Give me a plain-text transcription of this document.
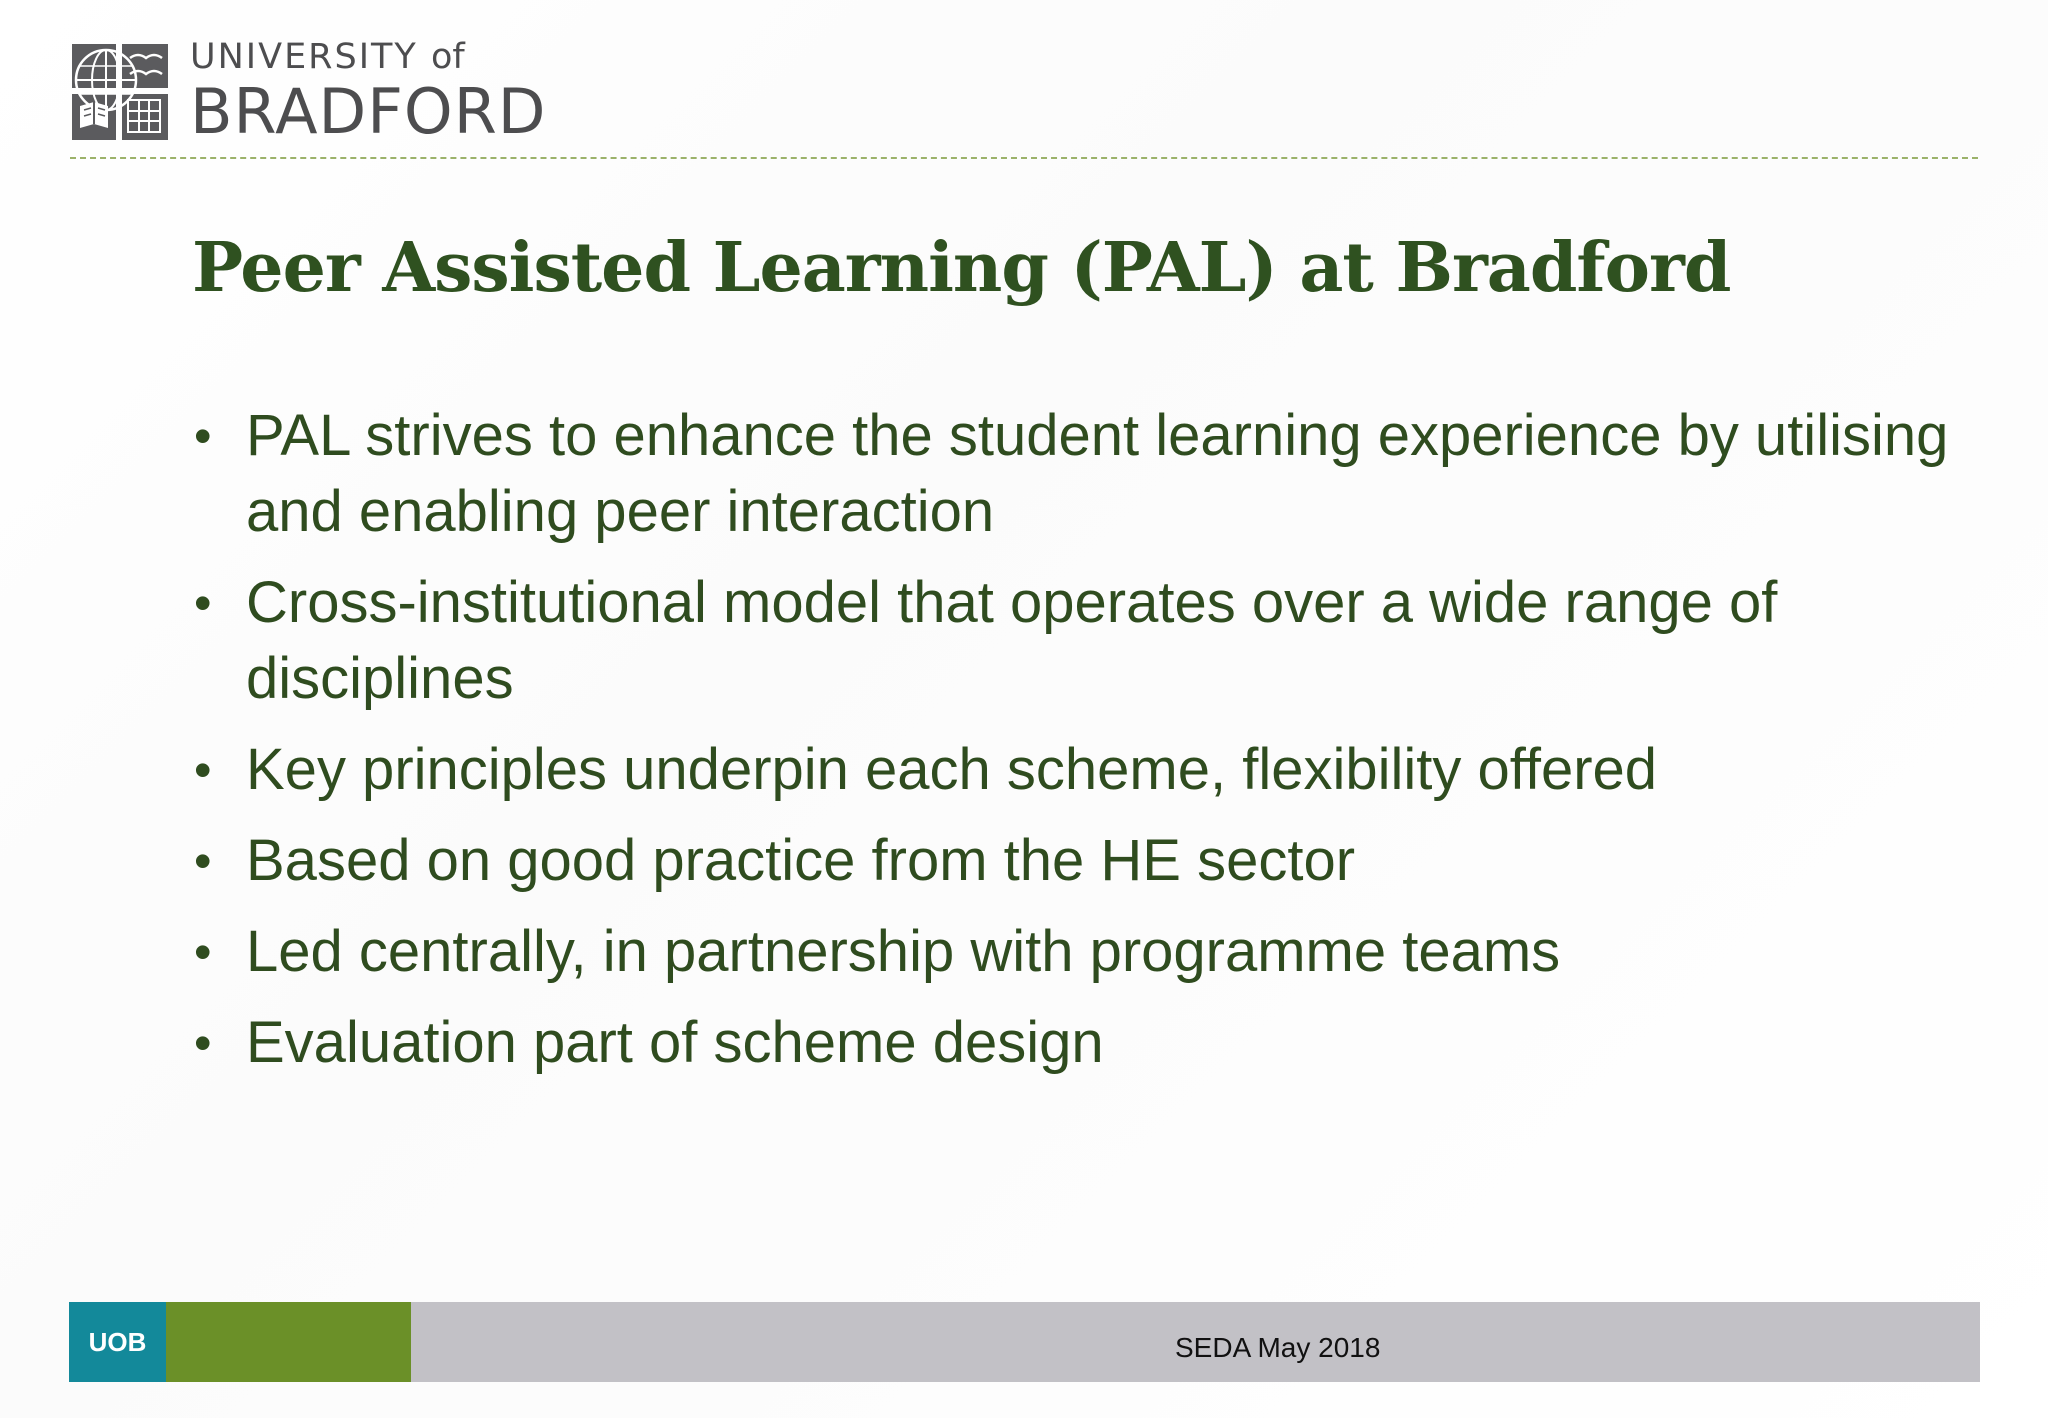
UNIVERSITY of
BRADFORD
Peer Assisted Learning (PAL) at Bradford
• PAL strives to enhance the student learning experience by utilising and enabling peer interaction
• Cross-institutional model that operates over a wide range of disciplines
• Key principles underpin each scheme, flexibility offered
• Based on good practice from the HE sector
• Led centrally, in partnership with programme teams
• Evaluation part of scheme design
UOB	SEDA May 2018
